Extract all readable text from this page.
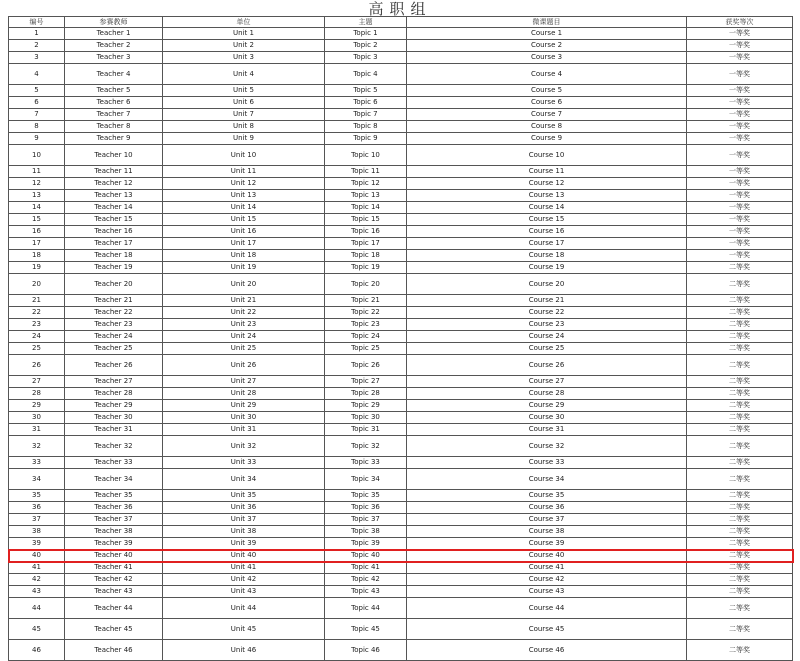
高职组
编号	参赛教师	单位	主题	微课题目	获奖等次
1	Teacher 1	Unit 1	Topic 1	Course 1	一等奖
2	Teacher 2	Unit 2	Topic 2	Course 2	一等奖
3	Teacher 3	Unit 3	Topic 3	Course 3	一等奖
4	Teacher 4	Unit 4	Topic 4	Course 4	一等奖
5	Teacher 5	Unit 5	Topic 5	Course 5	一等奖
6	Teacher 6	Unit 6	Topic 6	Course 6	一等奖
7	Teacher 7	Unit 7	Topic 7	Course 7	一等奖
8	Teacher 8	Unit 8	Topic 8	Course 8	一等奖
9	Teacher 9	Unit 9	Topic 9	Course 9	一等奖
10	Teacher 10	Unit 10	Topic 10	Course 10	一等奖
11	Teacher 11	Unit 11	Topic 11	Course 11	一等奖
12	Teacher 12	Unit 12	Topic 12	Course 12	一等奖
13	Teacher 13	Unit 13	Topic 13	Course 13	一等奖
14	Teacher 14	Unit 14	Topic 14	Course 14	一等奖
15	Teacher 15	Unit 15	Topic 15	Course 15	一等奖
16	Teacher 16	Unit 16	Topic 16	Course 16	一等奖
17	Teacher 17	Unit 17	Topic 17	Course 17	一等奖
18	Teacher 18	Unit 18	Topic 18	Course 18	一等奖
19	Teacher 19	Unit 19	Topic 19	Course 19	二等奖
20	Teacher 20	Unit 20	Topic 20	Course 20	二等奖
21	Teacher 21	Unit 21	Topic 21	Course 21	二等奖
22	Teacher 22	Unit 22	Topic 22	Course 22	二等奖
23	Teacher 23	Unit 23	Topic 23	Course 23	二等奖
24	Teacher 24	Unit 24	Topic 24	Course 24	二等奖
25	Teacher 25	Unit 25	Topic 25	Course 25	二等奖
26	Teacher 26	Unit 26	Topic 26	Course 26	二等奖
27	Teacher 27	Unit 27	Topic 27	Course 27	二等奖
28	Teacher 28	Unit 28	Topic 28	Course 28	二等奖
29	Teacher 29	Unit 29	Topic 29	Course 29	二等奖
30	Teacher 30	Unit 30	Topic 30	Course 30	二等奖
31	Teacher 31	Unit 31	Topic 31	Course 31	二等奖
32	Teacher 32	Unit 32	Topic 32	Course 32	二等奖
33	Teacher 33	Unit 33	Topic 33	Course 33	二等奖
34	Teacher 34	Unit 34	Topic 34	Course 34	二等奖
35	Teacher 35	Unit 35	Topic 35	Course 35	二等奖
36	Teacher 36	Unit 36	Topic 36	Course 36	二等奖
37	Teacher 37	Unit 37	Topic 37	Course 37	二等奖
38	Teacher 38	Unit 38	Topic 38	Course 38	二等奖
39	Teacher 39	Unit 39	Topic 39	Course 39	二等奖
40	Teacher 40	Unit 40	Topic 40	Course 40	二等奖
41	Teacher 41	Unit 41	Topic 41	Course 41	二等奖
42	Teacher 42	Unit 42	Topic 42	Course 42	二等奖
43	Teacher 43	Unit 43	Topic 43	Course 43	二等奖
44	Teacher 44	Unit 44	Topic 44	Course 44	二等奖
45	Teacher 45	Unit 45	Topic 45	Course 45	二等奖
46	Teacher 46	Unit 46	Topic 46	Course 46	二等奖
